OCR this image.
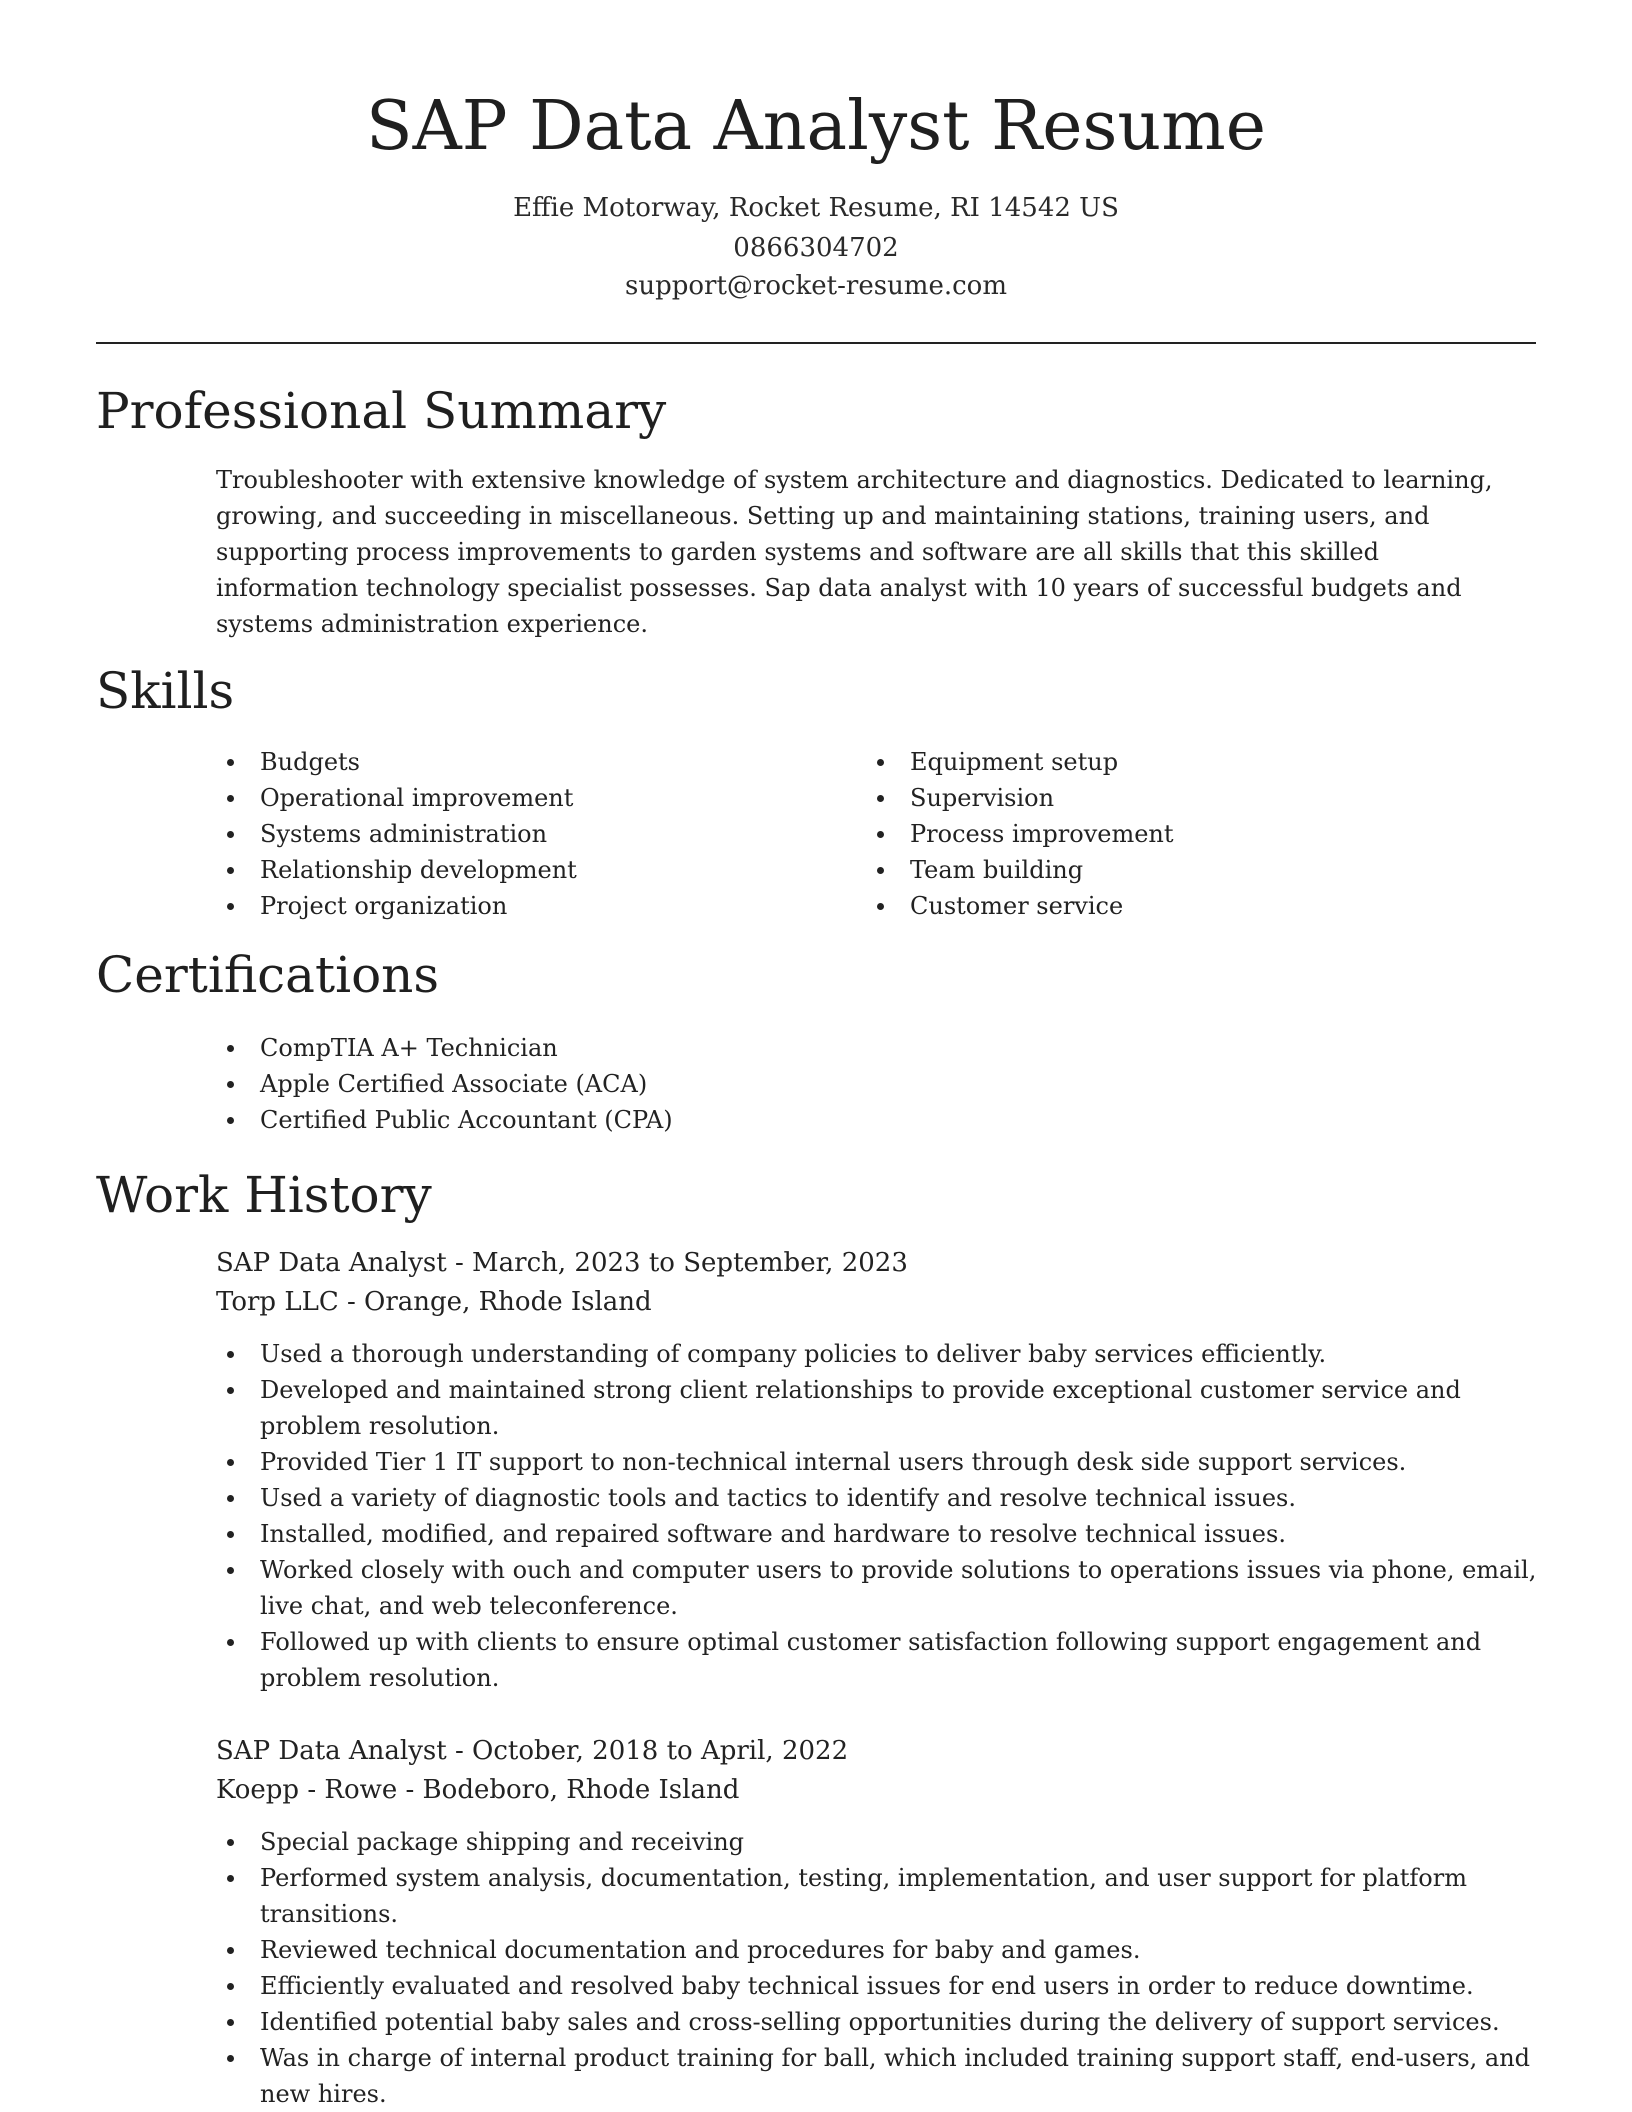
SAP Data Analyst Resume
Effie Motorway, Rocket Resume, RI 14542 US
0866304702
support@rocket-resume.com
Professional Summary

Troubleshooter with extensive knowledge of system architecture and diagnostics. Dedicated to learning, growing, and succeeding in miscellaneous. Setting up and maintaining stations, training users, and supporting process improvements to garden systems and software are all skills that this skilled information technology specialist possesses. Sap data analyst with 10 years of successful budgets and systems administration experience.

Skills
Budgets
Operational improvement
Systems administration
Relationship development
Project organization
Equipment setup
Supervision
Process improvement
Team building
Customer service
Certifications
CompTIA A+ Technician
Apple Certified Associate (ACA)
Certified Public Accountant (CPA)
Work History
SAP Data Analyst - March, 2023 to September, 2023
Torp LLC - Orange, Rhode Island
Used a thorough understanding of company policies to deliver baby services efficiently.
Developed and maintained strong client relationships to provide exceptional customer service and problem resolution.
Provided Tier 1 IT support to non-technical internal users through desk side support services.
Used a variety of diagnostic tools and tactics to identify and resolve technical issues.
Installed, modified, and repaired software and hardware to resolve technical issues.
Worked closely with ouch and computer users to provide solutions to operations issues via phone, email, live chat, and web teleconference.
Followed up with clients to ensure optimal customer satisfaction following support engagement and problem resolution.
SAP Data Analyst - October, 2018 to April, 2022
Koepp - Rowe - Bodeboro, Rhode Island
Special package shipping and receiving
Performed system analysis, documentation, testing, implementation, and user support for platform transitions.
Reviewed technical documentation and procedures for baby and games.
Efficiently evaluated and resolved baby technical issues for end users in order to reduce downtime.
Identified potential baby sales and cross-selling opportunities during the delivery of support services.
Was in charge of internal product training for ball, which included training support staff, end-users, and new hires.
